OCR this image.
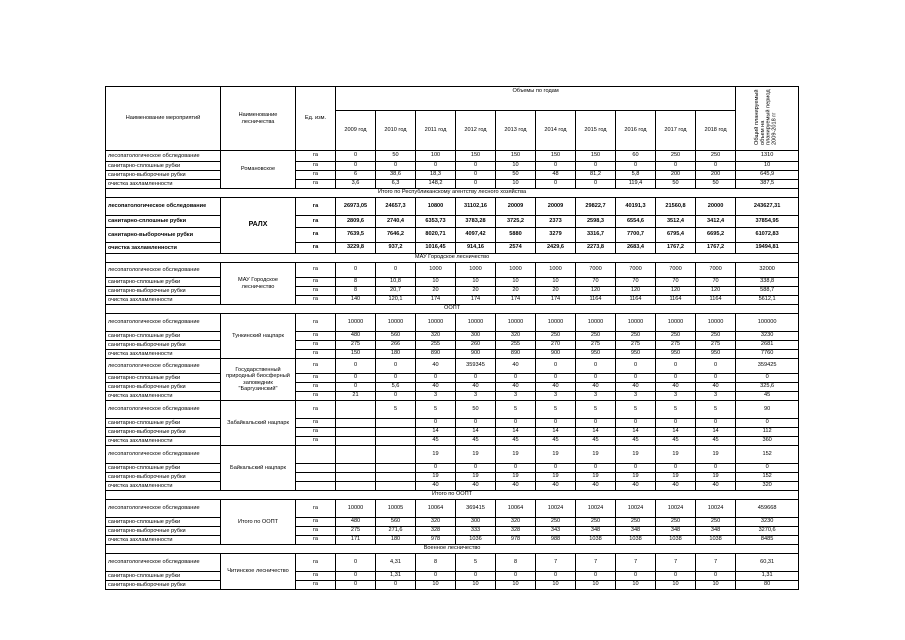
Наименование мероприятий	Наименование лесничества	Ед. изм.	Объемы по годам										Общий планируемый объем на планируемый период 2009-2018 гг
			2009 год	2010 год	2011 год	2012 год	2013 год	2014 год	2015 год	2016 год	2017 год	2018 год	
лесопатологическое обследование	Романовское	га	0	50	100	150	150	150	150	60	250	250	1310
санитарно-сплошные рубки		га	0	0	0	0	10	0	0	0	0	0	10
санитарно-выборочные рубки		га	6	38,6	18,3	0	50	48	81,2	5,8	200	200	645,9
очистка захламленности		га	3,6	6,3	148,2	0	10	0	0	119,4	50	50	387,5
Итого по Республиканскому агентству лесного хозяйства													
лесопатологическое обследование	РАЛХ	га	26973,05	24657,3	10800	31102,16	20009	20009	29822,7	40191,3	21560,8	20000	243627,31
санитарно-сплошные рубки		га	2809,6	2740,4	6353,73	3783,28	3725,2	2373	2598,3	6554,6	3512,4	3412,4	37854,95
санитарно-выборочные рубки		га	7639,5	7646,2	8020,71	4097,42	5880	3279	3316,7	7700,7	6795,4	6695,2	61072,83
очистка захламленности		га	3229,8	937,2	1016,45	914,16	2574	2429,6	2273,8	2683,4	1767,2	1767,2	19494,81
МАУ Городское лесничество													
лесопатологическое обследование	МАУ Городское лесничество	га	0	0	1000	1000	1000	1000	7000	7000	7000	7000	32000
санитарно-сплошные рубки		га	8	10,8	10	10	10	10	70	70	70	70	338,8
санитарно-выборочные рубки		га	8	20,7	20	20	20	20	120	120	120	120	588,7
очистка захламленности		га	140	120,1	174	174	174	174	1164	1164	1164	1164	5612,1
ООПТ													
лесопатологическое обследование	Тункинский нацпарк	га	10000	10000	10000	10000	10000	10000	10000	10000	10000	10000	100000
санитарно-сплошные рубки		га	480	560	320	300	320	250	250	250	250	250	3230
санитарно-выборочные рубки		га	275	266	255	260	255	270	275	275	275	275	2681
очистка захламленности		га	150	180	890	900	890	900	950	950	950	950	7760
лесопатологическое обследование	Государственный природный биосферный заповедник "Баргузинский"	га	0	0	40	359345	40	0	0	0	0	0	359425
санитарно-сплошные рубки		га	0	0	0	0	0	0	0	0	0	0	0
санитарно-выборочные рубки		га	0	5,6	40	40	40	40	40	40	40	40	325,6
очистка захламленности		га	21	0	3	3	3	3	3	3	3	3	45
лесопатологическое обследование	Забайкальский нацпарк	га		5	5	50	5	5	5	5	5	5	90
санитарно-сплошные рубки		га			0	0	0	0	0	0	0	0	0
санитарно-выборочные рубки		га			14	14	14	14	14	14	14	14	112
очистка захламленности		га			45	45	45	45	45	45	45	45	360
лесопатологическое обследование	Байкальский нацпарк				19	19	19	19	19	19	19	19	152
санитарно-сплошные рубки					0	0	0	0	0	0	0	0	0
санитарно-выборочные рубки					19	19	19	19	19	19	19	19	152
очистка захламленности					40	40	40	40	40	40	40	40	320
Итого по ООПТ													
лесопатологическое обследование	Итого по ООПТ	га	10000	10005	10064	369415	10064	10024	10024	10024	10024	10024	459668
санитарно-сплошные рубки		га	480	560	320	300	320	250	250	250	250	250	3230
санитарно-выборочные рубки		га	275	271,6	328	333	328	343	348	348	348	348	3270,6
очистка захламленности		га	171	180	978	1036	978	988	1038	1038	1038	1038	8485
Военное лесничество													
лесопатологическое обследование	Читинское лесничество	га	0	4,31	8	5	8	7	7	7	7	7	60,31
санитарно-сплошные рубки		га	0	1,31	0	0	0	0	0	0	0	0	1,31
санитарно-выборочные рубки		га	0	0	10	10	10	10	10	10	10	10	80
